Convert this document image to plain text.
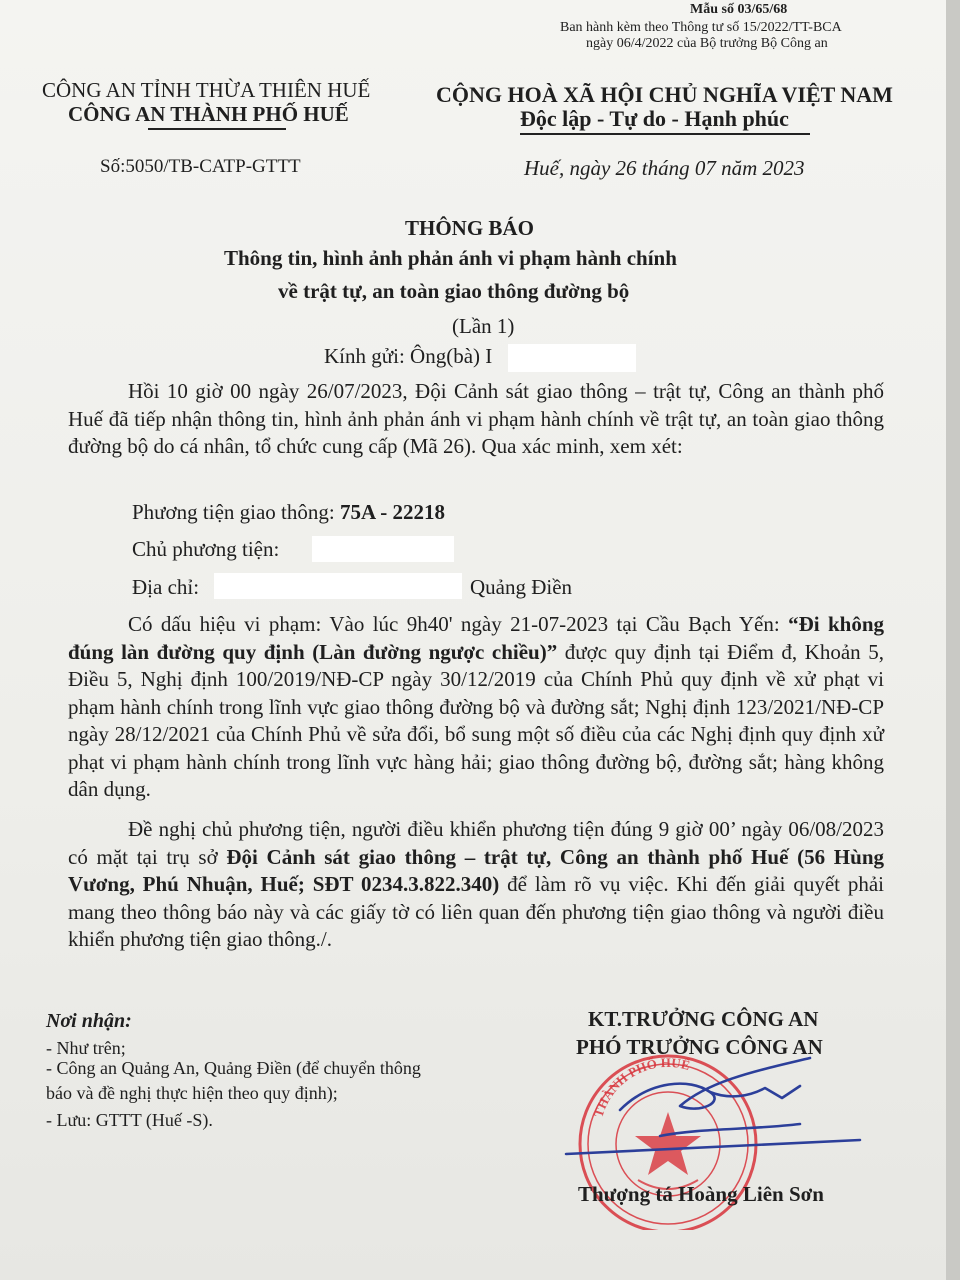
Mẫu số 03/65/68
Ban hành kèm theo Thông tư số 15/2022/TT-BCA
ngày 06/4/2022 của Bộ trưởng Bộ Công an
CÔNG AN TỈNH THỪA THIÊN HUẾ
CÔNG AN THÀNH PHỐ HUẾ
Số:5050/TB-CATP-GTTT
CỘNG HOÀ XÃ HỘI CHỦ NGHĨA VIỆT NAM
Độc lập - Tự do - Hạnh phúc
Huế, ngày 26 tháng 07 năm 2023
THÔNG BÁO
Thông tin, hình ảnh phản ánh vi phạm hành chính
về trật tự, an toàn giao thông đường bộ
(Lần 1)
Kính gửi: Ông(bà) I
Hồi 10 giờ 00 ngày 26/07/2023, Đội Cảnh sát giao thông – trật tự, Công an thành phố Huế đã tiếp nhận thông tin, hình ảnh phản ánh vi phạm hành chính về trật tự, an toàn giao thông đường bộ do cá nhân, tổ chức cung cấp (Mã 26). Qua xác minh, xem xét:
Phương tiện giao thông: 75A - 22218
Chủ phương tiện:
Địa chỉ:	Quảng Điền
Có dấu hiệu vi phạm: Vào lúc 9h40' ngày 21-07-2023 tại Cầu Bạch Yến: “Đi không đúng làn đường quy định (Làn đường ngược chiều)” được quy định tại Điểm đ, Khoản 5, Điều 5, Nghị định 100/2019/NĐ-CP ngày 30/12/2019 của Chính Phủ quy định về xử phạt vi phạm hành chính trong lĩnh vực giao thông đường bộ và đường sắt; Nghị định 123/2021/NĐ-CP ngày 28/12/2021 của Chính Phủ về sửa đổi, bổ sung một số điều của các Nghị định quy định xử phạt vi phạm hành chính trong lĩnh vực hàng hải; giao thông đường bộ, đường sắt; hàng không dân dụng.
Đề nghị chủ phương tiện, người điều khiển phương tiện đúng 9 giờ 00’ ngày 06/08/2023 có mặt tại trụ sở Đội Cảnh sát giao thông – trật tự, Công an thành phố Huế (56 Hùng Vương, Phú Nhuận, Huế; SĐT 0234.3.822.340) để làm rõ vụ việc. Khi đến giải quyết phải mang theo thông báo này và các giấy tờ có liên quan đến phương tiện giao thông và người điều khiển phương tiện giao thông./.
Nơi nhận:
- Như trên;
- Công an Quảng An, Quảng Điền (để chuyển thông
báo và đề nghị thực hiện theo quy định);
- Lưu: GTTT (Huế -S).
KT.TRƯỞNG CÔNG AN
PHÓ TRƯỞNG CÔNG AN
THÀNH PHỐ HUẾ
Thượng tá Hoàng Liên Sơn
